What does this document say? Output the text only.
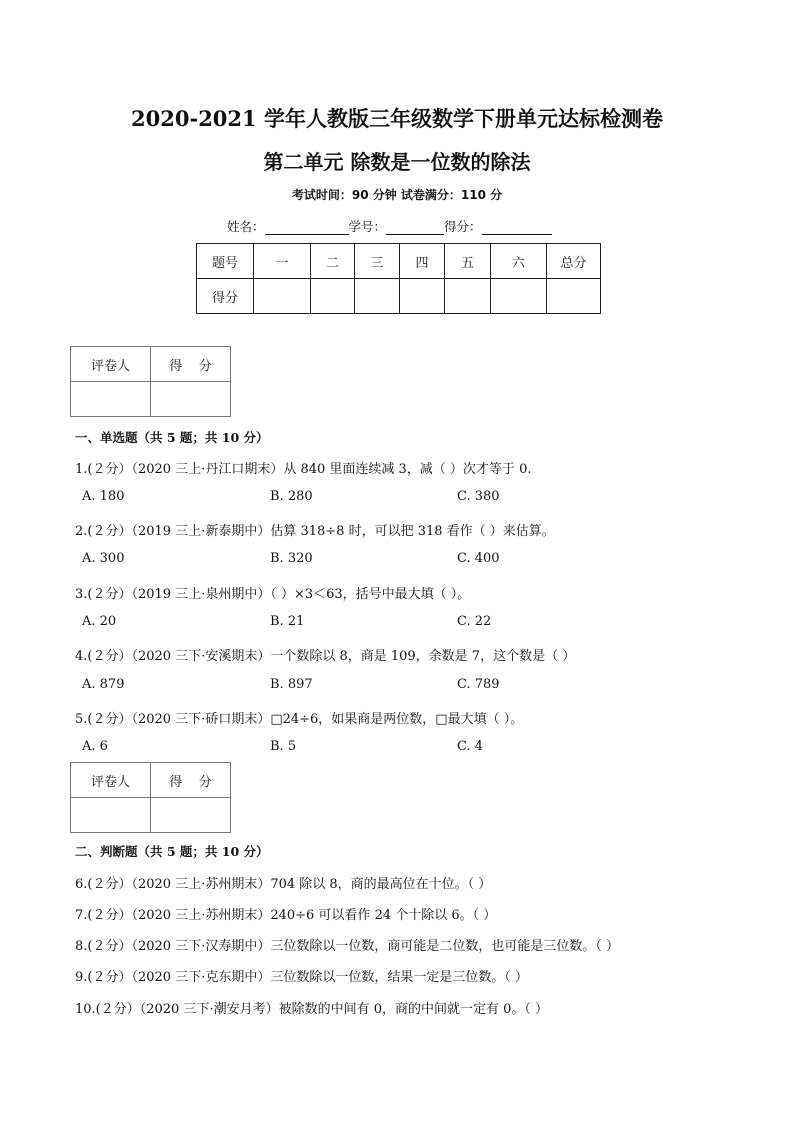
2020-2021 学年人教版三年级数学下册单元达标检测卷
第二单元 除数是一位数的除法
考试时间：90 分钟 试卷满分：110 分
姓名：	学号：	得分：
题号	一	二	三	四	五	六	总分
得分							
评卷人	得    分

一、单选题（共 5 题；共 10 分）
1.(２分）（2020 三上·丹江口期末）从 840 里面连续减 3，减（ ）次才等于 0.
A. 180	B. 280	C. 380
2.(２分）（2019 三上·新泰期中）估算 318÷8 时，可以把 318 看作（ ）来估算。
A. 300	B. 320	C. 400
3.(２分）（2019 三上·泉州期中）（ ）×3＜63，括号中最大填（ ）。
A. 20	B. 21	C. 22
4.(２分）（2020 三下·安溪期末）一个数除以 8，商是 109，余数是 7，这个数是（ ）
A. 879	B. 897	C. 789
5.(２分）（2020 三下·硚口期末）□24÷6，如果商是两位数，□最大填（ ）。
A. 6	B. 5	C. 4
评卷人	得    分

二、判断题（共 5 题；共 10 分）
6.(２分）（2020 三上·苏州期末）704 除以 8，商的最高位在十位。（ ）
7.(２分）（2020 三上·苏州期末）240÷6 可以看作 24 个十除以 6。（ ）
8.(２分）（2020 三下·汉寿期中）三位数除以一位数，商可能是二位数，也可能是三位数。（ ）
9.(２分）（2020 三下·克东期中）三位数除以一位数，结果一定是三位数。（ ）
10.(２分）（2020 三下·潮安月考）被除数的中间有 0，商的中间就一定有 0。（ ）
